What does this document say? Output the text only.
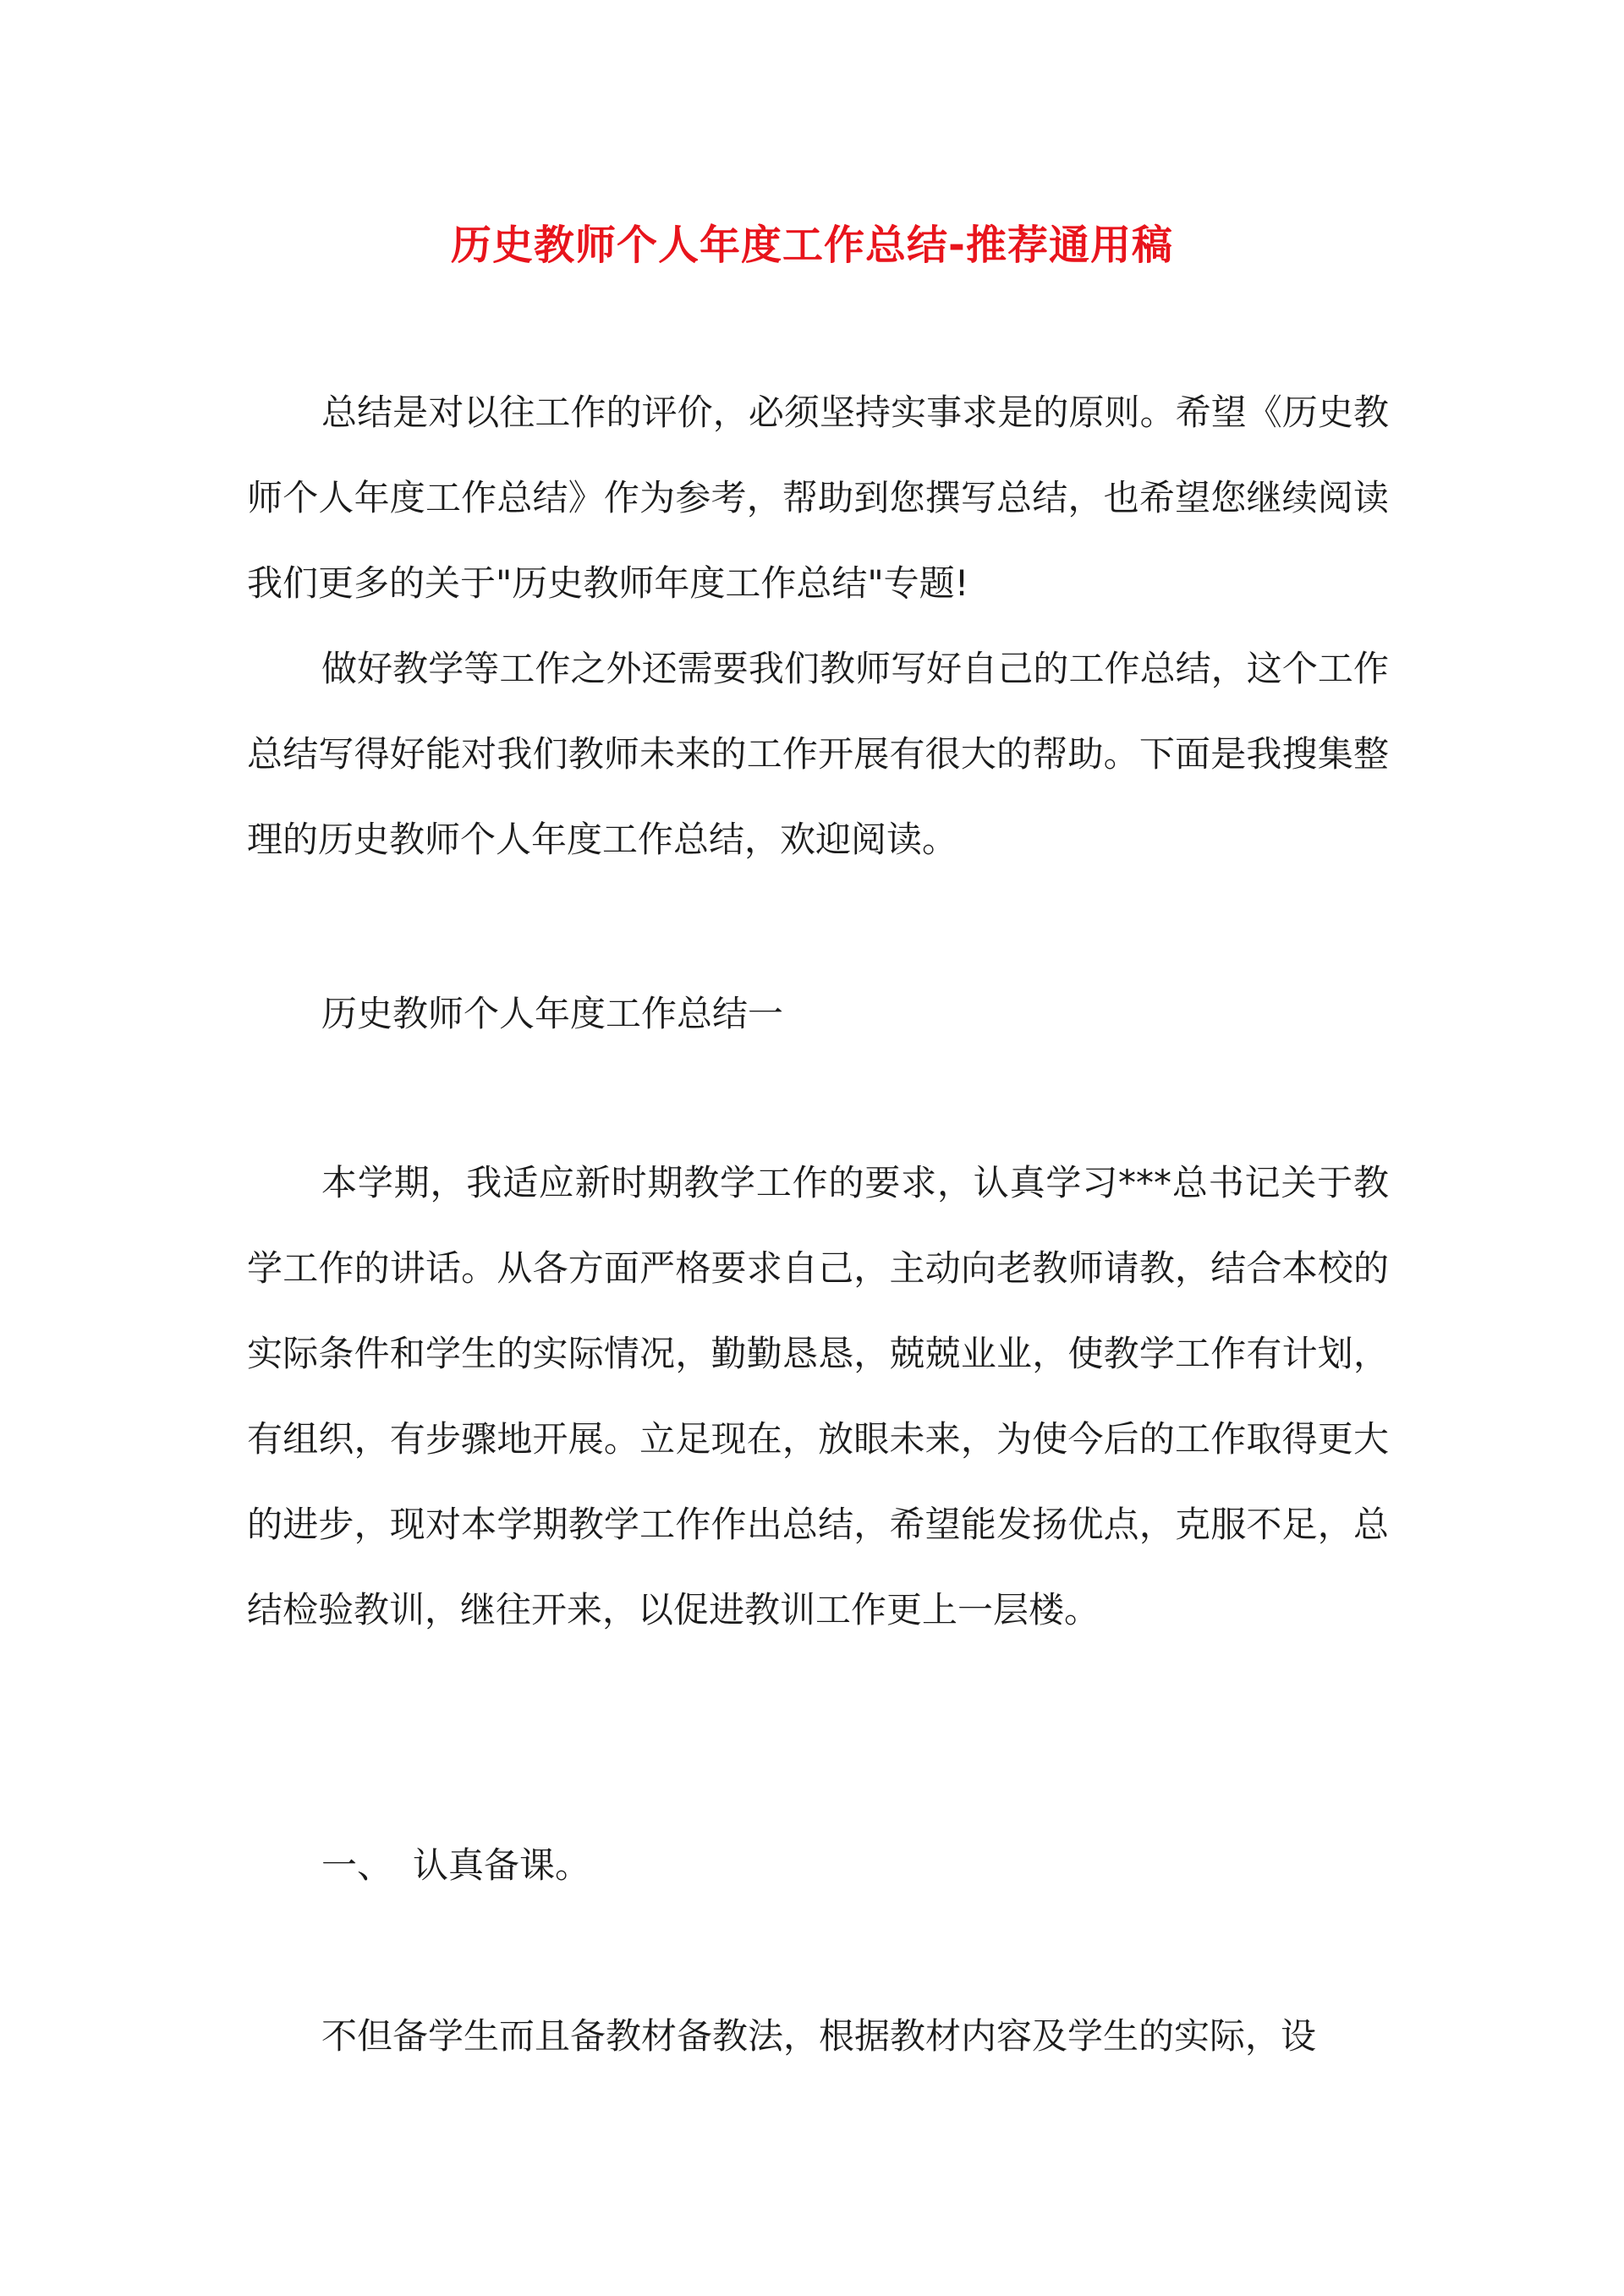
历史教师个人年度工作总结-推荐通用稿

总结是对以往工作的评价，必须坚持实事求是的原则。希望《历史教师个人年度工作总结》作为参考，帮助到您撰写总结，也希望您继续阅读我们更多的关于"历史教师年度工作总结"专题!

做好教学等工作之外还需要我们教师写好自己的工作总结，这个工作总结写得好能对我们教师未来的工作开展有很大的帮助。下面是我搜集整理的历史教师个人年度工作总结，欢迎阅读。

历史教师个人年度工作总结一

本学期，我适应新时期教学工作的要求，认真学习***总书记关于教学工作的讲话。从各方面严格要求自己，主动向老教师请教，结合本校的实际条件和学生的实际情况，勤勤恳恳，兢兢业业，使教学工作有计划，有组织，有步骤地开展。立足现在，放眼未来，为使今后的工作取得更大的进步，现对本学期教学工作作出总结，希望能发扬优点，克服不足，总结检验教训，继往开来，以促进教训工作更上一层楼。

一、 认真备课。

不但备学生而且备教材备教法，根据教材内容及学生的实际，设
